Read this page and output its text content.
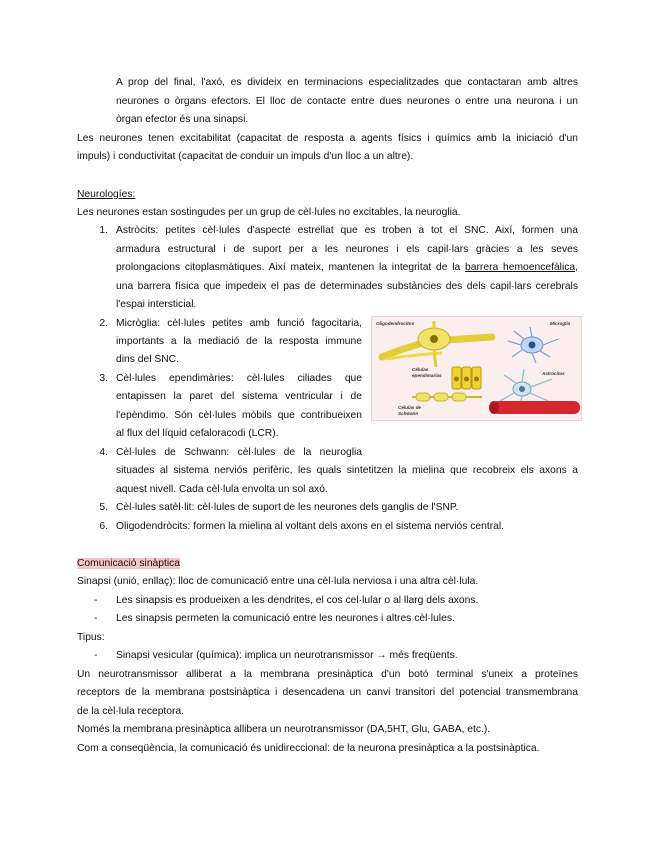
A prop del final, l'axó, es divideix en terminacions especialitzades que contactaran amb altres
neurones o òrgans efectors. El lloc de contacte entre dues neurones o entre una neurona i un
òrgan efector és una sinapsi.
Les neurones tenen excitabilitat (capacitat de resposta a agents físics i químics amb la iniciació d'un
impuls) i conductivitat (capacitat de conduir un impuls d'un lloc a un altre).
Neurologíes:
Les neurones estan sostingudes per un grup de cèl·lules no excitables, la neuroglia.
1. Astròcits: petites cèl·lules d'aspecte estrellat que es troben a tot el SNC. Així, formen una
armadura estructural i de suport per a les neurones i els capil·lars gràcies a les seves
prolongacions citoplasmàtiques. Així mateix, mantenen la integritat de la barrera hemoencefàlica,
una barrera física que impedeix el pas de determinades substàncies des dels capil·lars cerebrals
l'espai intersticial.
2. Micròglia: cèl·lules petites amb funció fagocitaria,
importants a la mediació de la resposta immune
dins del SNC.
3. Cèl·lules ependimàries: cèl·lules ciliades que
entapissen la paret del sistema ventricular i de
l'epèndimo. Són cèl·lules mòbils que contribueixen
al flux del líquid cefaloracodi (LCR).
4. Cèl·lules de Schwann: cèl·lules de la neuroglia
situades al sistema nerviós perifèric, les quals sintetitzen la mielina que recobreix els axons a
aquest nivell. Cada cèl·lula envolta un sol axó.
5. Cèl·lules satèl·lit: cèl·lules de suport de les neurones dels ganglis de l'SNP.
6. Oligodendròcits: formen la mielina al voltant dels axons en el sistema nerviós central.
Oligodendrocitos	Microglía
Células
ependimarias	Astrocitos
Células de
Schwann
Comunicació sinàptica
Sinapsi (unió, enllaç): lloc de comunicació entre una cèl·lula nerviosa i una altra cèl·lula.
- Les sinapsis es produeixen a les dendrites, el cos cel·lular o al llarg dels axons.
- Les sinapsis permeten la comunicació entre les neurones i altres cèl·lules.
Tipus:
- Sinapsi vesicular (química): implica un neurotransmissor → més freqüents.
Un neurotransmissor alliberat a la membrana presinàptica d'un botó terminal s'uneix a proteïnes
receptors de la membrana postsinàptica i desencadena un canvi transitori del potencial transmembrana
de la cèl·lula receptora.
Només la membrana presinàptica allibera un neurotransmissor (DA,5HT, Glu, GABA, etc.).
Com a conseqüència, la comunicació és unidireccional: de la neurona presinàptica a la postsinàptica.
